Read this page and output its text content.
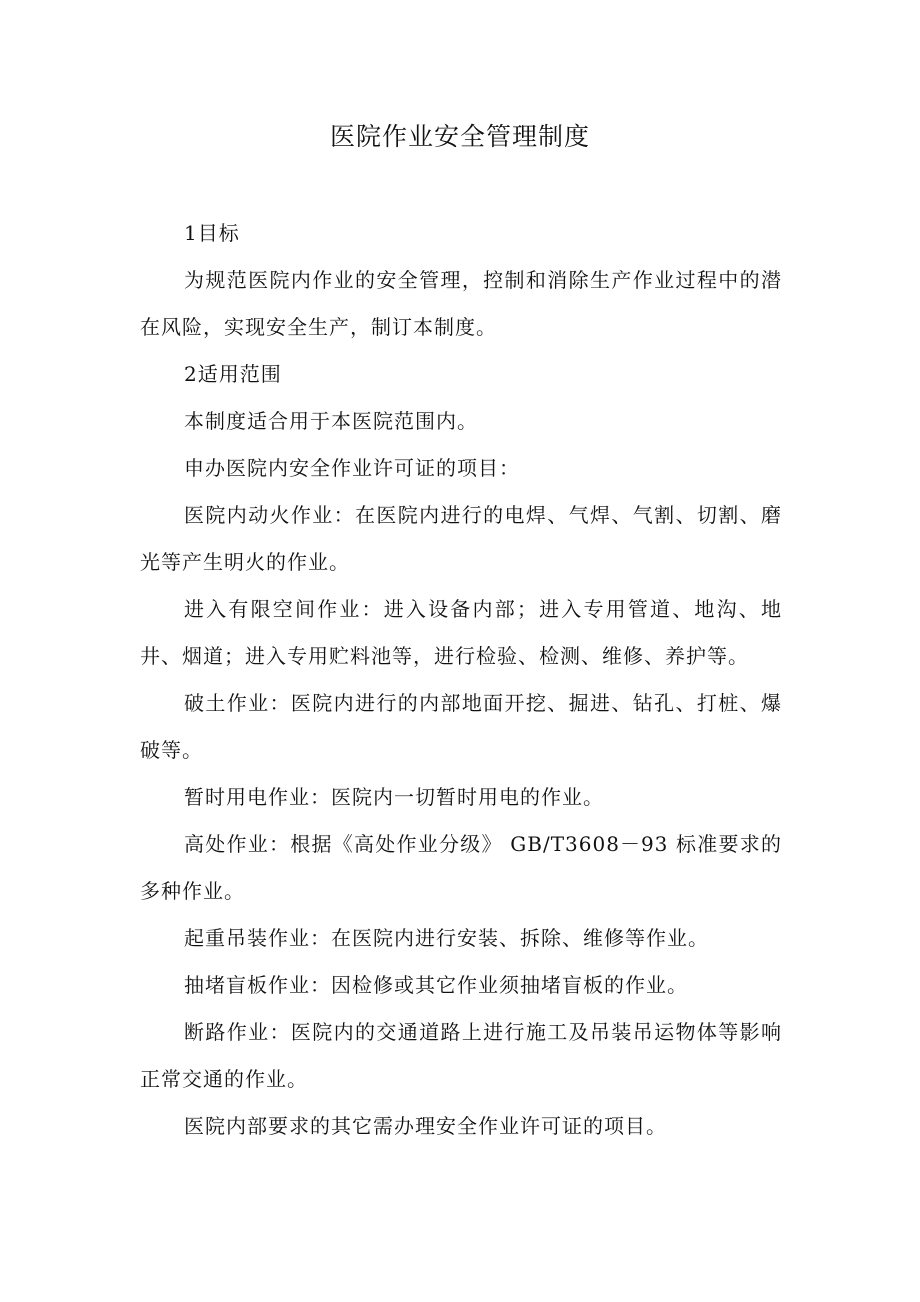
医院作业安全管理制度

1目标

为规范医院内作业的安全管理，控制和消除生产作业过程中的潜在风险，实现安全生产，制订本制度。

2适用范围

本制度适合用于本医院范围内。

申办医院内安全作业许可证的项目：

医院内动火作业：在医院内进行的电焊、气焊、气割、切割、磨光等产生明火的作业。

进入有限空间作业：进入设备内部；进入专用管道、地沟、地井、烟道；进入专用贮料池等，进行检验、检测、维修、养护等。

破土作业：医院内进行的内部地面开挖、掘进、钻孔、打桩、爆破等。

暂时用电作业：医院内一切暂时用电的作业。

高处作业：根据《高处作业分级》 GB/T3608－93 标准要求的多种作业。

起重吊装作业：在医院内进行安装、拆除、维修等作业。

抽堵盲板作业：因检修或其它作业须抽堵盲板的作业。

断路作业：医院内的交通道路上进行施工及吊装吊运物体等影响正常交通的作业。

医院内部要求的其它需办理安全作业许可证的项目。
